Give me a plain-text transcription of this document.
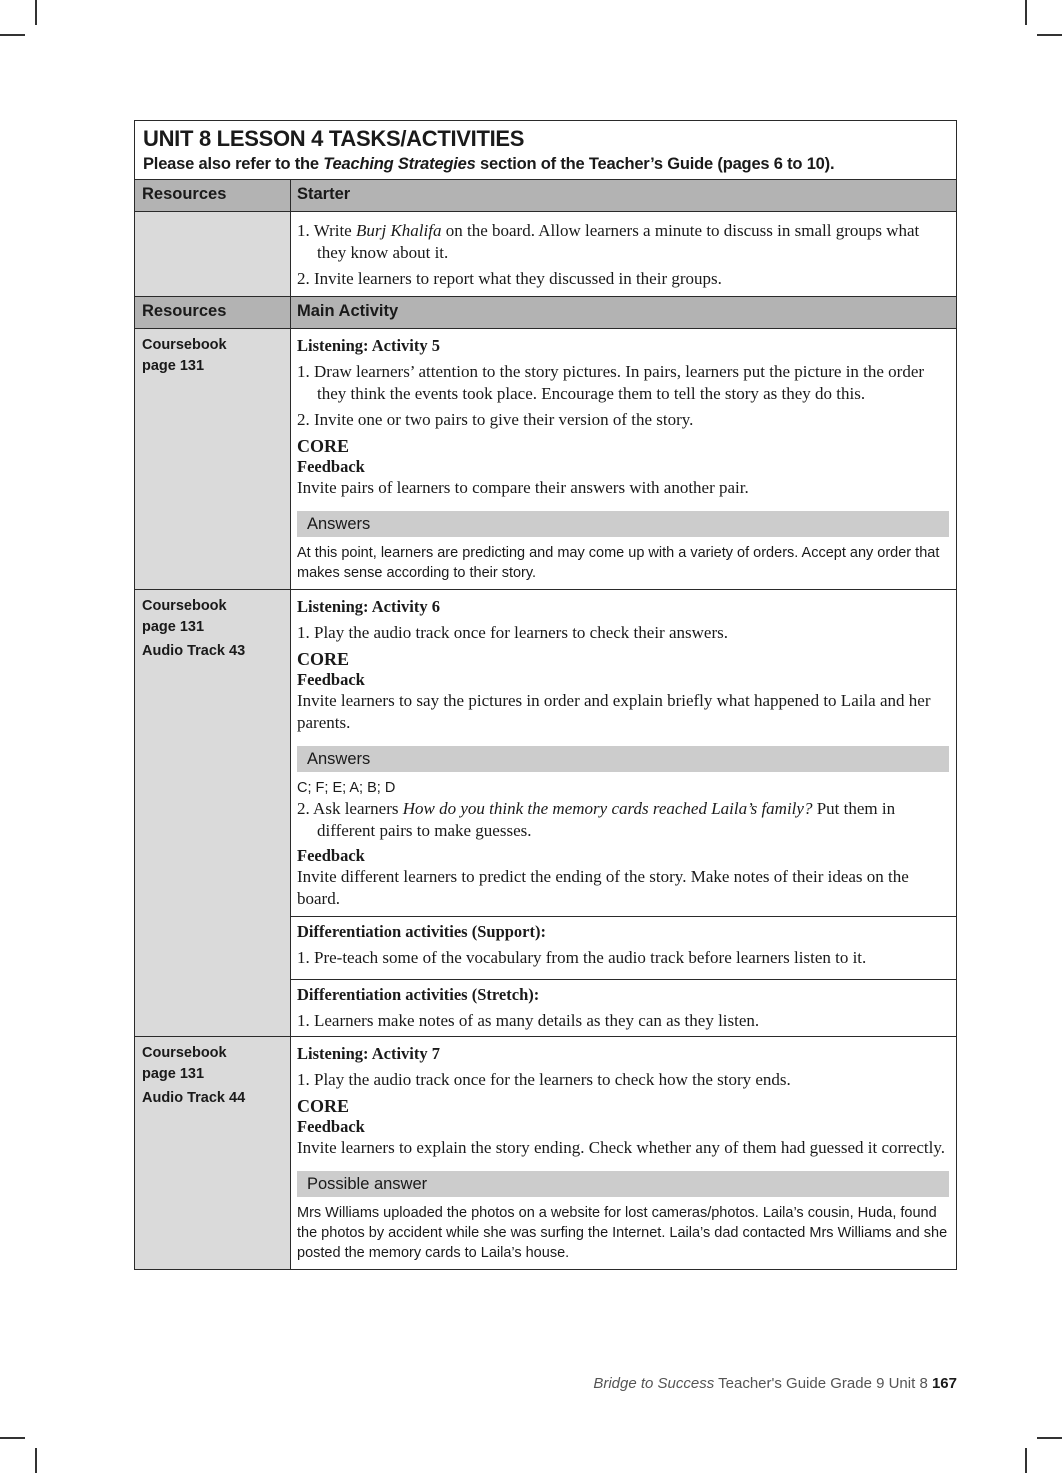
UNIT 8 LESSON 4 TASKS/ACTIVITIES
Please also refer to the Teaching Strategies section of the Teacher’s Guide (pages 6 to 10).
Resources	Starter
1. Write Burj Khalifa on the board. Allow learners a minute to discuss in small groups what they know about it.
2. Invite learners to report what they discussed in their groups.
Resources	Main Activity
Coursebook
page 131
Listening: Activity 5
1. Draw learners’ attention to the story pictures. In pairs, learners put the picture in the order they think the events took place. Encourage them to tell the story as they do this.
2. Invite one or two pairs to give their version of the story.
CORE
Feedback
Invite pairs of learners to compare their answers with another pair.
Answers
At this point, learners are predicting and may come up with a variety of orders. Accept any order that makes sense according to their story.
Coursebook
page 131
Audio Track 43
Listening: Activity 6
1. Play the audio track once for learners to check their answers.
CORE
Feedback
Invite learners to say the pictures in order and explain briefly what happened to Laila and her parents.
Answers
C; F; E; A; B; D
2. Ask learners How do you think the memory cards reached Laila’s family? Put them in different pairs to make guesses.
Feedback
Invite different learners to predict the ending of the story. Make notes of their ideas on the board.
Differentiation activities (Support):
1. Pre-teach some of the vocabulary from the audio track before learners listen to it.
Differentiation activities (Stretch):
1. Learners make notes of as many details as they can as they listen.
Coursebook
page 131
Audio Track 44
Listening: Activity 7
1. Play the audio track once for the learners to check how the story ends.
CORE
Feedback
Invite learners to explain the story ending. Check whether any of them had guessed it correctly.
Possible answer
Mrs Williams uploaded the photos on a website for lost cameras/photos. Laila’s cousin, Huda, found the photos by accident while she was surfing the Internet. Laila’s dad contacted Mrs Williams and she posted the memory cards to Laila’s house.
Bridge to Success Teacher's Guide Grade 9 Unit 8 167
